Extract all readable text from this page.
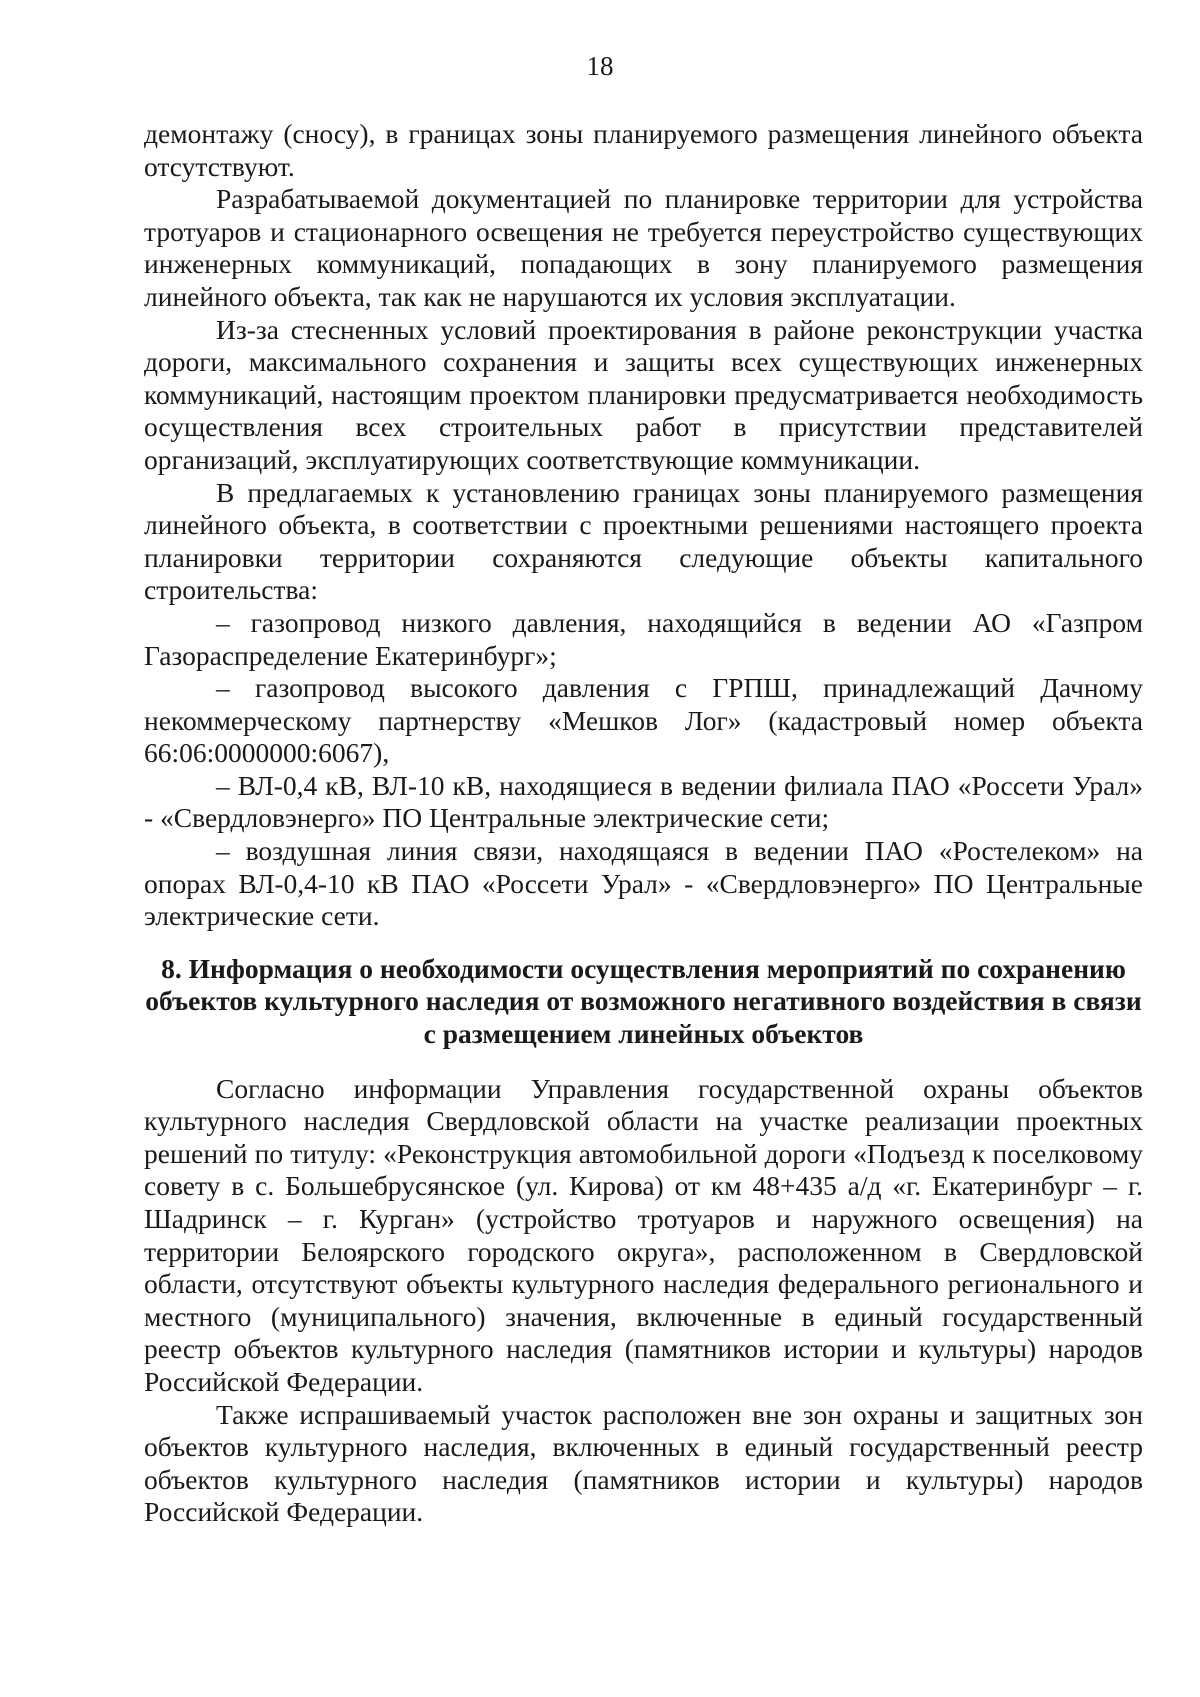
18

демонтажу (сносу), в границах зоны планируемого размещения линейного объекта отсутствуют.

Разрабатываемой документацией по планировке территории для устройства тротуаров и стационарного освещения не требуется переустройство существующих инженерных коммуникаций, попадающих в зону планируемого размещения линейного объекта, так как не нарушаются их условия эксплуатации.

Из-за стесненных условий проектирования в районе реконструкции участка дороги, максимального сохранения и защиты всех существующих инженерных коммуникаций, настоящим проектом планировки предусматривается необходимость осуществления всех строительных работ в присутствии представителей организаций, эксплуатирующих соответствующие коммуникации.

В предлагаемых к установлению границах зоны планируемого размещения линейного объекта, в соответствии с проектными решениями настоящего проекта планировки территории сохраняются следующие объекты капитального строительства:

– газопровод низкого давления, находящийся в ведении АО «Газпром Газораспределение Екатеринбург»;

– газопровод высокого давления с ГРПШ, принадлежащий Дачному некоммерческому партнерству «Мешков Лог» (кадастровый номер объекта 66:06:0000000:6067),

– ВЛ-0,4 кВ, ВЛ-10 кВ, находящиеся в ведении филиала ПАО «Россети Урал» - «Свердловэнерго» ПО Центральные электрические сети;

– воздушная линия связи, находящаяся в ведении ПАО «Ростелеком» на опорах ВЛ-0,4-10 кВ ПАО «Россети Урал» - «Свердловэнерго» ПО Центральные электрические сети.

8. Информация о необходимости осуществления мероприятий по сохранению объектов культурного наследия от возможного негативного воздействия в связи с размещением линейных объектов

Согласно информации Управления государственной охраны объектов культурного наследия Свердловской области на участке реализации проектных решений по титулу: «Реконструкция автомобильной дороги «Подъезд к поселковому совету в с. Большебрусянское (ул. Кирова) от км 48+435 а/д «г. Екатеринбург – г. Шадринск – г. Курган» (устройство тротуаров и наружного освещения) на территории Белоярского городского округа», расположенном в Свердловской области, отсутствуют объекты культурного наследия федерального регионального и местного (муниципального) значения, включенные в единый государственный реестр объектов культурного наследия (памятников истории и культуры) народов Российской Федерации.

Также испрашиваемый участок расположен вне зон охраны и защитных зон объектов культурного наследия, включенных в единый государственный реестр объектов культурного наследия (памятников истории и культуры) народов Российской Федерации.
